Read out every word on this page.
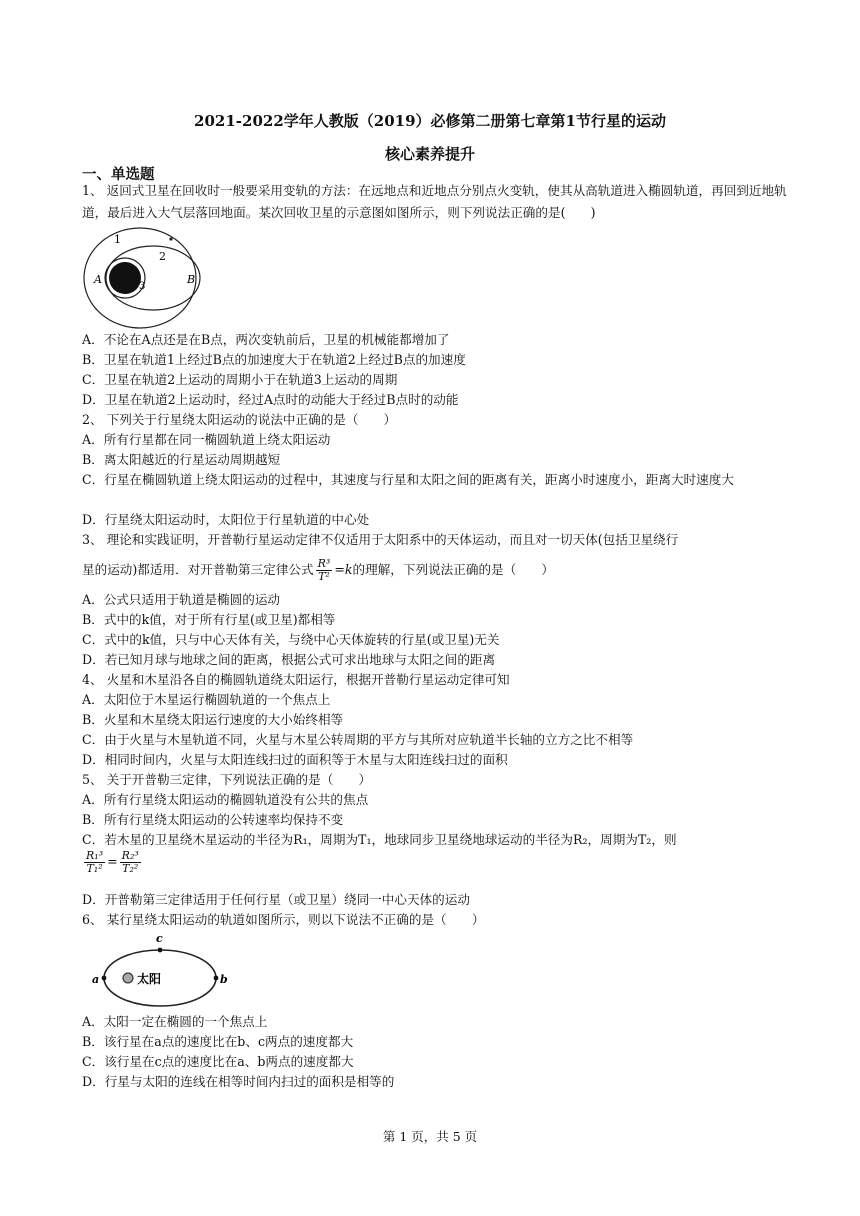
2021-2022学年人教版（2019）必修第二册第七章第1节行星的运动
核心素养提升
一、单选题
1、 返回式卫星在回收时一般要采用变轨的方法：在远地点和近地点分别点火变轨，使其从高轨道进入椭圆轨道，再回到近地轨道，最后进入大气层落回地面。某次回收卫星的示意图如图所示，则下列说法正确的是(　　)
1
2
3
A	B
A．不论在A点还是在B点，两次变轨前后，卫星的机械能都增加了
B．卫星在轨道1上经过B点的加速度大于在轨道2上经过B点的加速度
C．卫星在轨道2上运动的周期小于在轨道3上运动的周期
D．卫星在轨道2上运动时，经过A点时的动能大于经过B点时的动能
2、 下列关于行星绕太阳运动的说法中正确的是（　　）
A．所有行星都在同一椭圆轨道上绕太阳运动
B．离太阳越近的行星运动周期越短
C．行星在椭圆轨道上绕太阳运动的过程中，其速度与行星和太阳之间的距离有关，距离小时速度小，距离大时速度大
D．行星绕太阳运动时，太阳位于行星轨道的中心处
3、 理论和实践证明，开普勒行星运动定律不仅适用于太阳系中的天体运动，而且对一切天体(包括卫星绕行
星的运动)都适用．对开普勒第三定律公式 $\frac{\text{R³}}{\text{T²}} =k$的理解，下列说法正确的是（　　）
A．公式只适用于轨道是椭圆的运动
B．式中的k值，对于所有行星(或卫星)都相等
C．式中的k值，只与中心天体有关，与绕中心天体旋转的行星(或卫星)无关
D．若已知月球与地球之间的距离，根据公式可求出地球与太阳之间的距离
4、 火星和木星沿各自的椭圆轨道绕太阳运行，根据开普勒行星运动定律可知
A．太阳位于木星运行椭圆轨道的一个焦点上
B．火星和木星绕太阳运行速度的大小始终相等
C．由于火星与木星轨道不同，火星与木星公转周期的平方与其所对应轨道半长轴的立方之比不相等
D．相同时间内，火星与太阳连线扫过的面积等于木星与太阳连线扫过的面积
5、 关于开普勒三定律，下列说法正确的是（　　）
A．所有行星绕太阳运动的椭圆轨道没有公共的焦点
B．所有行星绕太阳运动的公转速率均保持不变
C．若木星的卫星绕木星运动的半径为R₁，周期为T₁，地球同步卫星绕地球运动的半径为R₂，周期为T₂，则
$\frac{\text{R₁³}}{\text{T₁²}} = \frac{\text{R₂³}}{\text{T₂²}}$
D．开普勒第三定律适用于任何行星（或卫星）绕同一中心天体的运动
6、 某行星绕太阳运动的轨道如图所示，则以下说法不正确的是（　　）
c
a	b
太阳
A．太阳一定在椭圆的一个焦点上
B．该行星在a点的速度比在b、c两点的速度都大
C．该行星在c点的速度比在a、b两点的速度都大
D．行星与太阳的连线在相等时间内扫过的面积是相等的
第 1 页，共 5 页
